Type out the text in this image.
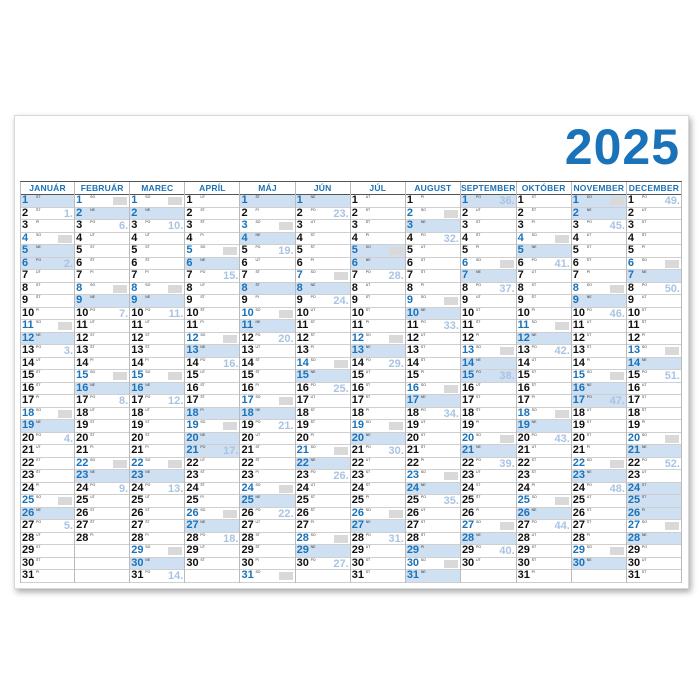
2025
JANUÁR
1 ST
2 ŠT 1.
3 PI
4 SO
5 NE
6 PO 2.
7 UT
8 ST
9 ŠT
10 PI
11 SO
12 NE
13 PO 3.
14 UT
15 ST
16 ŠT
17 PI
18 SO
19 NE
20 PO 4.
21 UT
22 ST
23 ŠT
24 PI
25 SO
26 NE
27 PO 5.
28 UT
29 ST
30 ŠT
31 PI
FEBRUÁR
1 SO
2 NE
3 PO 6.
4 UT
5 ST
6 ŠT
7 PI
8 SO
9 NE
10 PO 7.
11 UT
12 ST
13 ŠT
14 PI
15 SO
16 NE
17 PO 8.
18 UT
19 ST
20 ŠT
21 PI
22 SO
23 NE
24 PO 9.
25 UT
26 ST
27 ŠT
28 PI
MAREC
1 SO
2 NE
3 PO 10.
4 UT
5 ST
6 ŠT
7 PI
8 SO
9 NE
10 PO 11.
11 UT
12 ST
13 ŠT
14 PI
15 SO
16 NE
17 PO 12.
18 UT
19 ST
20 ŠT
21 PI
22 SO
23 NE
24 PO 13.
25 UT
26 ST
27 ŠT
28 PI
29 SO
30 NE
31 PO 14.
APRÍL
1 UT
2 ST
3 ŠT
4 PI
5 SO
6 NE
7 PO 15.
8 UT
9 ST
10 ŠT
11 PI
12 SO
13 NE
14 PO 16.
15 UT
16 ST
17 ŠT
18 PI
19 SO
20 NE
21 PO 17.
22 UT
23 ST
24 ŠT
25 PI
26 SO
27 NE
28 PO 18.
29 UT
30 ST
MÁJ
1 ŠT
2 PI
3 SO
4 NE
5 PO 19.
6 UT
7 ST
8 ŠT
9 PI
10 SO
11 NE
12 PO 20.
13 UT
14 ST
15 ŠT
16 PI
17 SO
18 NE
19 PO 21.
20 UT
21 ST
22 ŠT
23 PI
24 SO
25 NE
26 PO 22.
27 UT
28 ST
29 ŠT
30 PI
31 SO
JÚN
1 NE
2 PO 23.
3 UT
4 ST
5 ŠT
6 PI
7 SO
8 NE
9 PO 24.
10 UT
11 ST
12 ŠT
13 PI
14 SO
15 NE
16 PO 25.
17 UT
18 ST
19 ŠT
20 PI
21 SO
22 NE
23 PO 26.
24 UT
25 ST
26 ŠT
27 PI
28 SO
29 NE
30 PO 27.
JÚL
1 UT
2 ST
3 ŠT
4 PI
5 SO
6 NE
7 PO 28.
8 UT
9 ST
10 ŠT
11 PI
12 SO
13 NE
14 PO 29.
15 UT
16 ST
17 ŠT
18 PI
19 SO
20 NE
21 PO 30.
22 UT
23 ST
24 ŠT
25 PI
26 SO
27 NE
28 PO 31.
29 UT
30 ST
31 ŠT
AUGUST
1 PI
2 SO
3 NE
4 PO 32.
5 UT
6 ST
7 ŠT
8 PI
9 SO
10 NE
11 PO 33.
12 UT
13 ST
14 ŠT
15 PI
16 SO
17 NE
18 PO 34.
19 UT
20 ST
21 ŠT
22 PI
23 SO
24 NE
25 PO 35.
26 UT
27 ST
28 ŠT
29 PI
30 SO
31 NE
SEPTEMBER
1 PO 36.
2 UT
3 ST
4 ŠT
5 PI
6 SO
7 NE
8 PO 37.
9 UT
10 ST
11 ŠT
12 PI
13 SO
14 NE
15 PO 38.
16 UT
17 ST
18 ŠT
19 PI
20 SO
21 NE
22 PO 39.
23 UT
24 ST
25 ŠT
26 PI
27 SO
28 NE
29 PO 40.
30 UT
OKTÓBER
1 ST
2 ŠT
3 PI
4 SO
5 NE
6 PO 41.
7 UT
8 ST
9 ŠT
10 PI
11 SO
12 NE
13 PO 42.
14 UT
15 ST
16 ŠT
17 PI
18 SO
19 NE
20 PO 43.
21 UT
22 ST
23 ŠT
24 PI
25 SO
26 NE
27 PO 44.
28 UT
29 ST
30 ŠT
31 PI
NOVEMBER
1 SO
2 NE
3 PO 45.
4 UT
5 ST
6 ŠT
7 PI
8 SO
9 NE
10 PO 46.
11 UT
12 ST
13 ŠT
14 PI
15 SO
16 NE
17 PO 47.
18 UT
19 ST
20 ŠT
21 PI
22 SO
23 NE
24 PO 48.
25 UT
26 ST
27 ŠT
28 PI
29 SO
30 NE
DECEMBER
1 PO 49.
2 UT
3 ST
4 ŠT
5 PI
6 SO
7 NE
8 PO 50.
9 UT
10 ST
11 ŠT
12 PI
13 SO
14 NE
15 PO 51.
16 UT
17 ST
18 ŠT
19 PI
20 SO
21 NE
22 PO 52.
23 UT
24 ST
25 ŠT
26 PI
27 SO
28 NE
29 PO
30 UT
31 ST
